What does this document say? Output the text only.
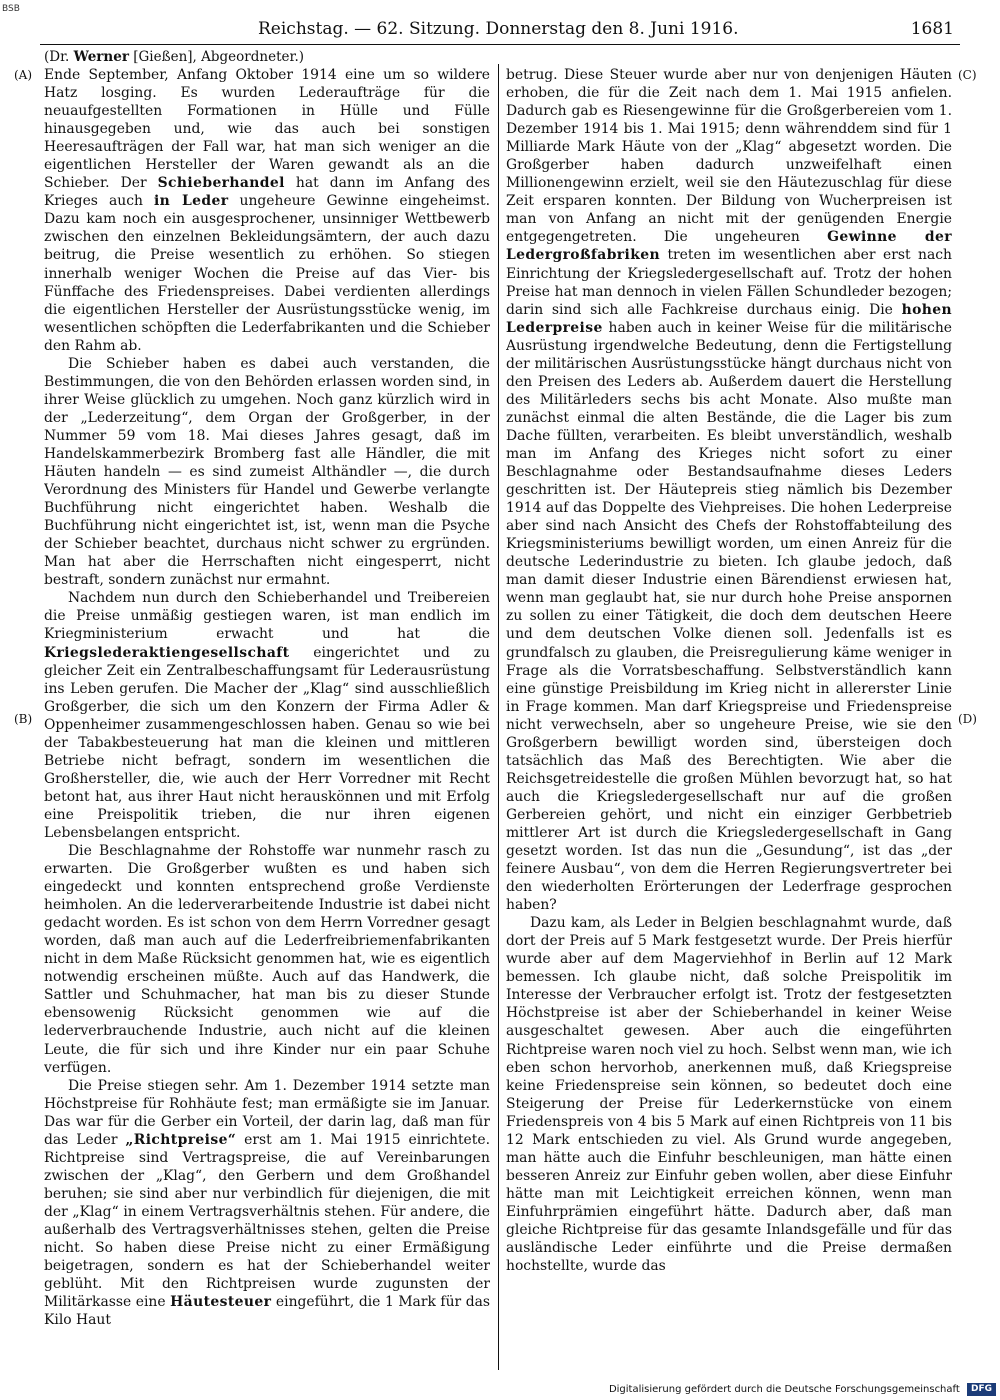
BSB
Reichstag. — 62. Sitzung. Donnerstag den 8. Juni 1916.	1681
(Dr. Werner [Gießen], Abgeordneter.)
(A)
(B)
(C)
(D)

Ende September, Anfang Oktober 1914 eine um so wildere Hatz losging. Es wurden Lederaufträge für die neuaufgestellten Formationen in Hülle und Fülle hinausgegeben und, wie das auch bei sonstigen Heeresaufträgen der Fall war, hat man sich weniger an die eigentlichen Hersteller der Waren gewandt als an die Schieber. Der Schieberhandel hat dann im Anfang des Krieges auch in Leder ungeheure Gewinne eingeheimst. Dazu kam noch ein ausgesprochener, unsinniger Wettbewerb zwischen den einzelnen Bekleidungsämtern, der auch dazu beitrug, die Preise wesentlich zu erhöhen. So stiegen innerhalb weniger Wochen die Preise auf das Vier- bis Fünffache des Friedenspreises. Dabei verdienten allerdings die eigentlichen Hersteller der Ausrüstungsstücke wenig, im wesentlichen schöpften die Lederfabrikanten und die Schieber den Rahm ab.

Die Schieber haben es dabei auch verstanden, die Bestimmungen, die von den Behörden erlassen worden sind, in ihrer Weise glücklich zu umgehen. Noch ganz kürzlich wird in der „Lederzeitung“, dem Organ der Großgerber, in der Nummer 59 vom 18. Mai dieses Jahres gesagt, daß im Handelskammerbezirk Bromberg fast alle Händler, die mit Häuten handeln — es sind zumeist Althändler —, die durch Verordnung des Ministers für Handel und Gewerbe verlangte Buchführung nicht eingerichtet haben. Weshalb die Buchführung nicht eingerichtet ist, ist, wenn man die Psyche der Schieber beachtet, durchaus nicht schwer zu ergründen. Man hat aber die Herrschaften nicht eingesperrt, nicht bestraft, sondern zunächst nur ermahnt.

Nachdem nun durch den Schieberhandel und Treibereien die Preise unmäßig gestiegen waren, ist man endlich im Kriegministerium erwacht und hat die Kriegslederaktiengesellschaft eingerichtet und zu gleicher Zeit ein Zentralbeschaffungsamt für Lederausrüstung ins Leben gerufen. Die Macher der „Klag“ sind ausschließlich Großgerber, die sich um den Konzern der Firma Adler & Oppenheimer zusammengeschlossen haben. Genau so wie bei der Tabakbesteuerung hat man die kleinen und mittleren Betriebe nicht befragt, sondern im wesentlichen die Großhersteller, die, wie auch der Herr Vorredner mit Recht betont hat, aus ihrer Haut nicht herauskönnen und mit Erfolg eine Preispolitik trieben, die nur ihren eigenen Lebensbelangen entspricht.

Die Beschlagnahme der Rohstoffe war nunmehr rasch zu erwarten. Die Großgerber wußten es und haben sich eingedeckt und konnten entsprechend große Verdienste heimholen. An die lederverarbeitende Industrie ist dabei nicht gedacht worden. Es ist schon von dem Herrn Vorredner gesagt worden, daß man auch auf die Lederfreibriemenfabrikanten nicht in dem Maße Rücksicht genommen hat, wie es eigentlich notwendig erscheinen müßte. Auch auf das Handwerk, die Sattler und Schuhmacher, hat man bis zu dieser Stunde ebensowenig Rücksicht genommen wie auf die lederverbrauchende Industrie, auch nicht auf die kleinen Leute, die für sich und ihre Kinder nur ein paar Schuhe verfügen.

Die Preise stiegen sehr. Am 1. Dezember 1914 setzte man Höchstpreise für Rohhäute fest; man ermäßigte sie im Januar. Das war für die Gerber ein Vorteil, der darin lag, daß man für das Leder „Richtpreise“ erst am 1. Mai 1915 einrichtete. Richtpreise sind Vertragspreise, die auf Vereinbarungen zwischen der „Klag“, den Gerbern und dem Großhandel beruhen; sie sind aber nur verbindlich für diejenigen, die mit der „Klag“ in einem Vertragsverhältnis stehen. Für andere, die außerhalb des Vertragsverhältnisses stehen, gelten die Preise nicht. So haben diese Preise nicht zu einer Ermäßigung beigetragen, sondern es hat der Schieberhandel weiter geblüht. Mit den Richtpreisen wurde zugunsten der Militärkasse eine Häutesteuer eingeführt, die 1 Mark für das Kilo Haut

betrug. Diese Steuer wurde aber nur von denjenigen Häuten erhoben, die für die Zeit nach dem 1. Mai 1915 anfielen. Dadurch gab es Riesengewinne für die Großgerbereien vom 1. Dezember 1914 bis 1. Mai 1915; denn währenddem sind für 1 Milliarde Mark Häute von der „Klag“ abgesetzt worden. Die Großgerber haben dadurch unzweifelhaft einen Millionengewinn erzielt, weil sie den Häutezuschlag für diese Zeit ersparen konnten. Der Bildung von Wucherpreisen ist man von Anfang an nicht mit der genügenden Energie entgegengetreten. Die ungeheuren Gewinne der Ledergroßfabriken treten im wesentlichen aber erst nach Einrichtung der Kriegsledergesellschaft auf. Trotz der hohen Preise hat man dennoch in vielen Fällen Schundleder bezogen; darin sind sich alle Fachkreise durchaus einig. Die hohen Lederpreise haben auch in keiner Weise für die militärische Ausrüstung irgendwelche Bedeutung, denn die Fertigstellung der militärischen Ausrüstungsstücke hängt durchaus nicht von den Preisen des Leders ab. Außerdem dauert die Herstellung des Militärleders sechs bis acht Monate. Also mußte man zunächst einmal die alten Bestände, die die Lager bis zum Dache füllten, verarbeiten. Es bleibt unverständlich, weshalb man im Anfang des Krieges nicht sofort zu einer Beschlagnahme oder Bestandsaufnahme dieses Leders geschritten ist. Der Häutepreis stieg nämlich bis Dezember 1914 auf das Doppelte des Viehpreises. Die hohen Lederpreise aber sind nach Ansicht des Chefs der Rohstoffabteilung des Kriegsministeriums bewilligt worden, um einen Anreiz für die deutsche Lederindustrie zu bieten. Ich glaube jedoch, daß man damit dieser Industrie einen Bärendienst erwiesen hat, wenn man geglaubt hat, sie nur durch hohe Preise anspornen zu sollen zu einer Tätigkeit, die doch dem deutschen Heere und dem deutschen Volke dienen soll. Jedenfalls ist es grundfalsch zu glauben, die Preisregulierung käme weniger in Frage als die Vorratsbeschaffung. Selbstverständlich kann eine günstige Preisbildung im Krieg nicht in allererster Linie in Frage kommen. Man darf Kriegspreise und Friedenspreise nicht verwechseln, aber so ungeheure Preise, wie sie den Großgerbern bewilligt worden sind, übersteigen doch tatsächlich das Maß des Berechtigten. Wie aber die Reichsgetreidestelle die großen Mühlen bevorzugt hat, so hat auch die Kriegsledergesellschaft nur auf die großen Gerbereien gehört, und nicht ein einziger Gerbbetrieb mittlerer Art ist durch die Kriegsledergesellschaft in Gang gesetzt worden. Ist das nun die „Gesundung“, ist das „der feinere Ausbau“, von dem die Herren Regierungsvertreter bei den wiederholten Erörterungen der Lederfrage gesprochen haben?

Dazu kam, als Leder in Belgien beschlagnahmt wurde, daß dort der Preis auf 5 Mark festgesetzt wurde. Der Preis hierfür wurde aber auf dem Magerviehhof in Berlin auf 12 Mark bemessen. Ich glaube nicht, daß solche Preispolitik im Interesse der Verbraucher erfolgt ist. Trotz der festgesetzten Höchstpreise ist aber der Schieberhandel in keiner Weise ausgeschaltet gewesen. Aber auch die eingeführten Richtpreise waren noch viel zu hoch. Selbst wenn man, wie ich eben schon hervorhob, anerkennen muß, daß Kriegspreise keine Friedenspreise sein können, so bedeutet doch eine Steigerung der Preise für Lederkernstücke von einem Friedenspreis von 4 bis 5 Mark auf einen Richtpreis von 11 bis 12 Mark entschieden zu viel. Als Grund wurde angegeben, man hätte auch die Einfuhr beschleunigen, man hätte einen besseren Anreiz zur Einfuhr geben wollen, aber diese Einfuhr hätte man mit Leichtigkeit erreichen können, wenn man Einfuhrprämien eingeführt hätte. Dadurch aber, daß man gleiche Richtpreise für das gesamte Inlandsgefälle und für das ausländische Leder einführte und die Preise dermaßen hochstellte, wurde das

Digitalisierung gefördert durch die Deutsche Forschungsgemeinschaft DFG
